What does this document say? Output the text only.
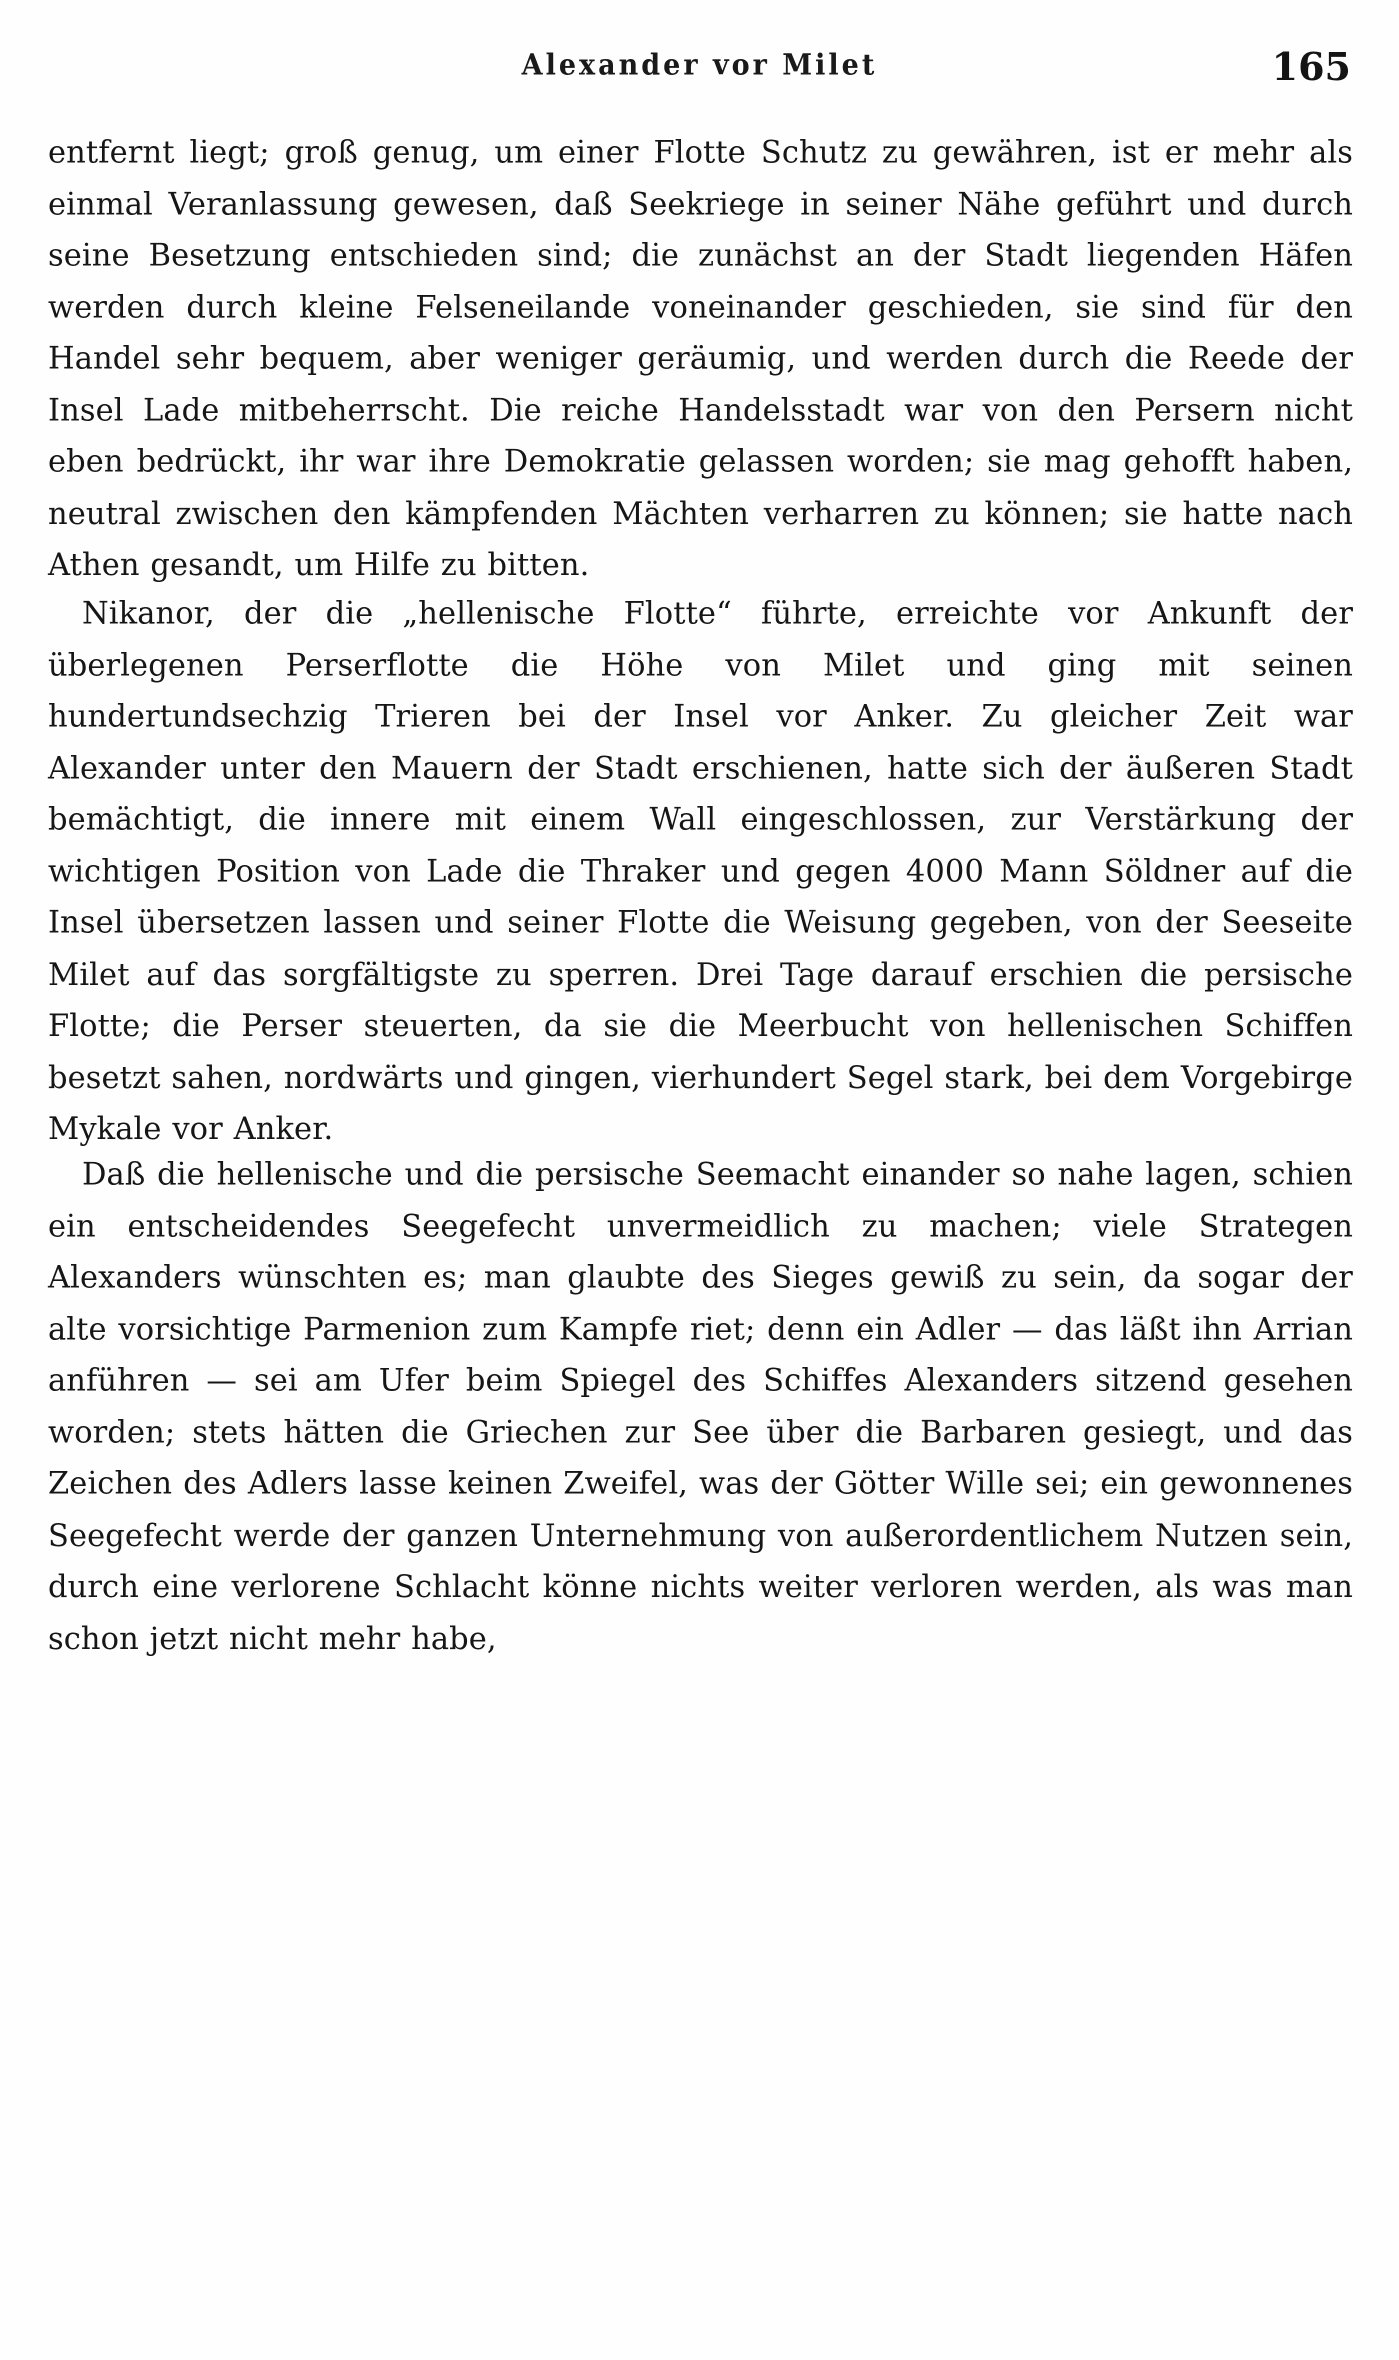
Alexander vor Milet	165

entfernt liegt; groß genug, um einer Flotte Schutz zu gewähren, ist er mehr als einmal Veranlassung gewesen, daß Seekriege in seiner Nähe geführt und durch seine Besetzung entschieden sind; die zunächst an der Stadt liegenden Häfen werden durch kleine Felseneilande voneinander geschieden, sie sind für den Handel sehr bequem, aber weniger geräumig, und werden durch die Reede der Insel Lade mitbeherrscht. Die reiche Handelsstadt war von den Persern nicht eben bedrückt, ihr war ihre Demokratie gelassen worden; sie mag gehofft haben, neutral zwischen den kämpfenden Mächten verharren zu können; sie hatte nach Athen gesandt, um Hilfe zu bitten.

Nikanor, der die „hellenische Flotte“ führte, erreichte vor Ankunft der überlegenen Perserflotte die Höhe von Milet und ging mit seinen hundertundsechzig Trieren bei der Insel vor Anker. Zu gleicher Zeit war Alexander unter den Mauern der Stadt erschienen, hatte sich der äußeren Stadt bemächtigt, die innere mit einem Wall eingeschlossen, zur Verstärkung der wichtigen Position von Lade die Thraker und gegen 4000 Mann Söldner auf die Insel übersetzen lassen und seiner Flotte die Weisung gegeben, von der Seeseite Milet auf das sorgfältigste zu sperren. Drei Tage darauf erschien die persische Flotte; die Perser steuerten, da sie die Meerbucht von hellenischen Schiffen besetzt sahen, nordwärts und gingen, vierhundert Segel stark, bei dem Vorgebirge Mykale vor Anker.

Daß die hellenische und die persische Seemacht einander so nahe lagen, schien ein entscheidendes Seegefecht unvermeidlich zu machen; viele Strategen Alexanders wünschten es; man glaubte des Sieges gewiß zu sein, da sogar der alte vorsichtige Parmenion zum Kampfe riet; denn ein Adler — das läßt ihn Arrian anführen — sei am Ufer beim Spiegel des Schiffes Alexanders sitzend gesehen worden; stets hätten die Griechen zur See über die Barbaren gesiegt, und das Zeichen des Adlers lasse keinen Zweifel, was der Götter Wille sei; ein gewonnenes Seegefecht werde der ganzen Unternehmung von außerordentlichem Nutzen sein, durch eine verlorene Schlacht könne nichts weiter verloren werden, als was man schon jetzt nicht mehr habe,
